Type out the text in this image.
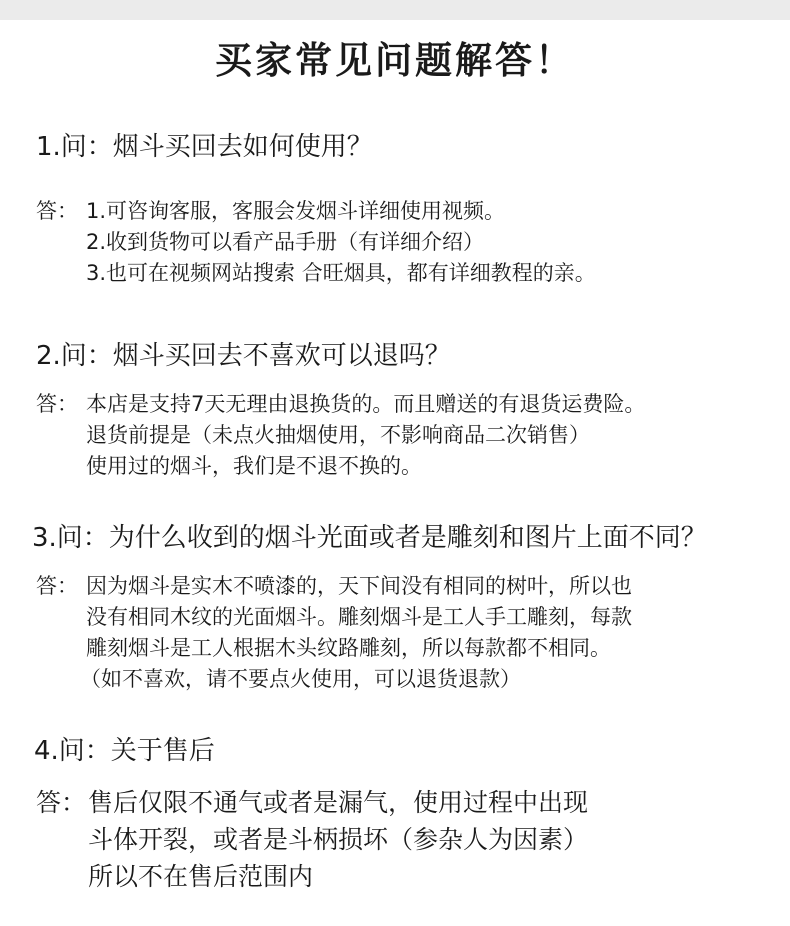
买家常见问题解答！
1.问：烟斗买回去如何使用？
答： 1.可咨询客服，客服会发烟斗详细使用视频。
2.收到货物可以看产品手册（有详细介绍）
3.也可在视频网站搜索 合旺烟具，都有详细教程的亲。
2.问：烟斗买回去不喜欢可以退吗？
答： 本店是支持7天无理由退换货的。而且赠送的有退货运费险。
退货前提是（未点火抽烟使用，不影响商品二次销售）
使用过的烟斗，我们是不退不换的。
3.问：为什么收到的烟斗光面或者是雕刻和图片上面不同？
答： 因为烟斗是实木不喷漆的，天下间没有相同的树叶，所以也
没有相同木纹的光面烟斗。雕刻烟斗是工人手工雕刻，每款
雕刻烟斗是工人根据木头纹路雕刻，所以每款都不相同。
（如不喜欢，请不要点火使用，可以退货退款）
4.问：关于售后
答： 售后仅限不通气或者是漏气，使用过程中出现
斗体开裂，或者是斗柄损坏（参杂人为因素）
所以不在售后范围内
